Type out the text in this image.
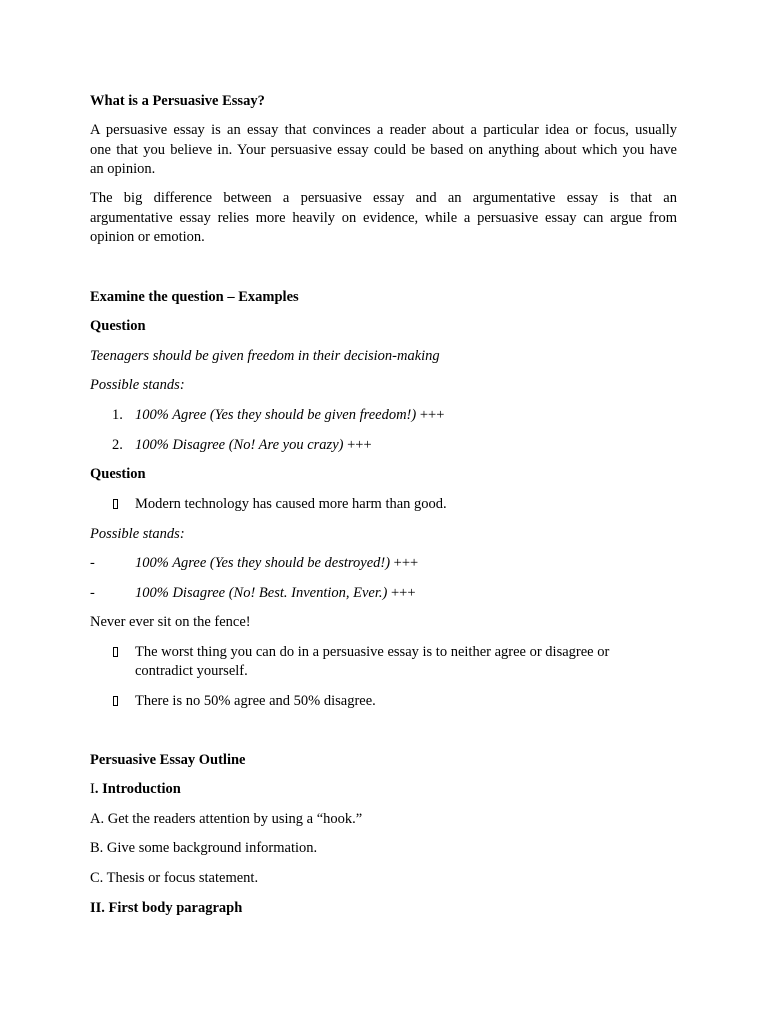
What is a Persuasive Essay?
A persuasive essay is an essay that convinces a reader about a particular idea or focus, usually
one that you believe in. Your persuasive essay could be based on anything about which you have
an opinion.
The big difference between a persuasive essay and an argumentative essay is that an
argumentative essay relies more heavily on evidence, while a persuasive essay can argue from
opinion or emotion.
Examine the question – Examples
Question
Teenagers should be given freedom in their decision-making
Possible stands:
1. 100% Agree (Yes they should be given freedom!) +++
2. 100% Disagree (No! Are you crazy) +++
Question
Modern technology has caused more harm than good.
Possible stands:
-	100% Agree (Yes they should be destroyed!) +++
-	100% Disagree (No! Best. Invention, Ever.) +++
Never ever sit on the fence!
The worst thing you can do in a persuasive essay is to neither agree or disagree or
contradict yourself.
There is no 50% agree and 50% disagree.
Persuasive Essay Outline
I. Introduction
A. Get the readers attention by using a “hook.”
B. Give some background information.
C. Thesis or focus statement.
II. First body paragraph
